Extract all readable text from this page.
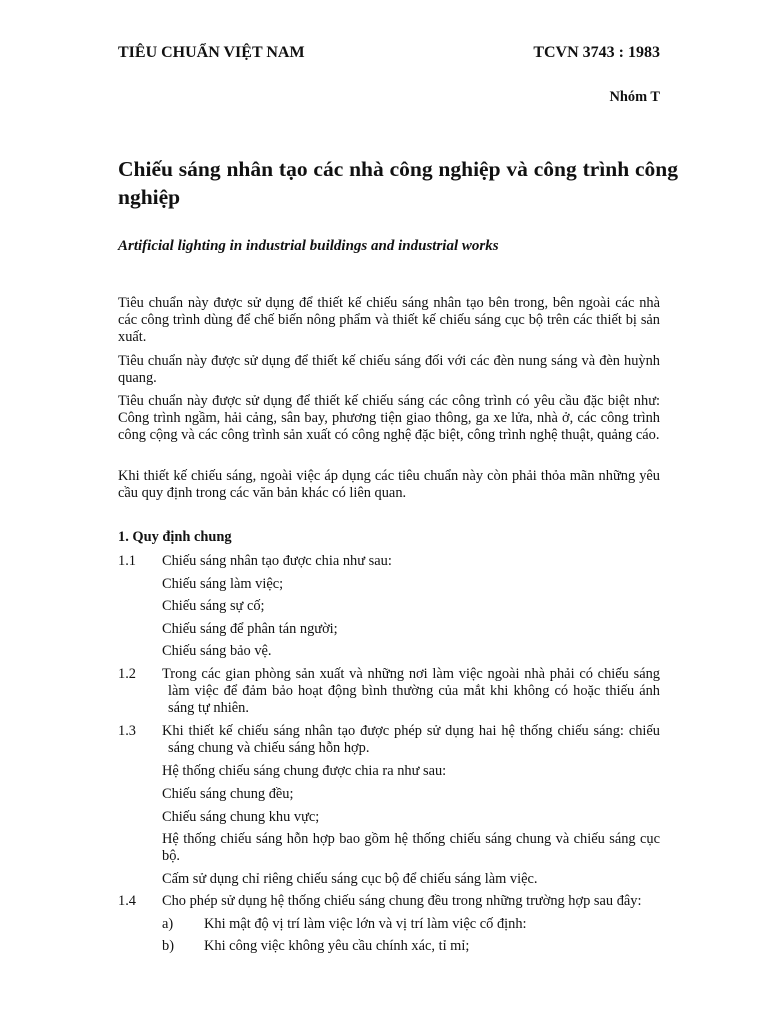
TIÊU CHUẨN VIỆT NAM	TCVN 3743 : 1983
Nhóm T
Chiếu sáng nhân tạo các nhà công nghiệp và công trình công nghiệp
Artificial lighting in industrial buildings and industrial works
Tiêu chuẩn này được sử dụng để thiết kế chiếu sáng nhân tạo bên trong, bên ngoài các nhà các công trình dùng để chế biến nông phẩm và thiết kế chiếu sáng cục bộ trên các thiết bị sản xuất.
Tiêu chuẩn này được sử dụng để thiết kế chiếu sáng đối với các đèn nung sáng và đèn huỳnh quang.
Tiêu chuẩn này được sử dụng để thiết kế chiếu sáng các công trình có yêu cầu đặc biệt như: Công trình ngầm, hải cảng, sân bay, phương tiện giao thông, ga xe lửa, nhà ở, các công trình công cộng và các công trình sản xuất có công nghệ đặc biệt, công trình nghệ thuật, quảng cáo.
Khi thiết kế chiếu sáng, ngoài việc áp dụng các tiêu chuẩn này còn phải thỏa mãn những yêu cầu quy định trong các văn bản khác có liên quan.
1. Quy định chung
1.1 Chiếu sáng nhân tạo được chia như sau:
Chiếu sáng làm việc;
Chiếu sáng sự cố;
Chiếu sáng để phân tán người;
Chiếu sáng bảo vệ.
1.2 Trong các gian phòng sản xuất và những nơi làm việc ngoài nhà phải có chiếu sáng
làm việc để đảm bảo hoạt động bình thường của mắt khi không có hoặc thiếu ánh sáng tự nhiên.
1.3 Khi thiết kế chiếu sáng nhân tạo được phép sử dụng hai hệ thống chiếu sáng: chiếu
sáng chung và chiếu sáng hỗn hợp.
Hệ thống chiếu sáng chung được chia ra như sau:
Chiếu sáng chung đều;
Chiếu sáng chung khu vực;
Hệ thống chiếu sáng hỗn hợp bao gồm hệ thống chiếu sáng chung và chiếu sáng cục bộ.
Cấm sử dụng chỉ riêng chiếu sáng cục bộ để chiếu sáng làm việc.
1.4 Cho phép sử dụng hệ thống chiếu sáng chung đều trong những trường hợp sau đây:
a) Khi mật độ vị trí làm việc lớn và vị trí làm việc cố định:
b) Khi công việc không yêu cầu chính xác, tỉ mỉ;
